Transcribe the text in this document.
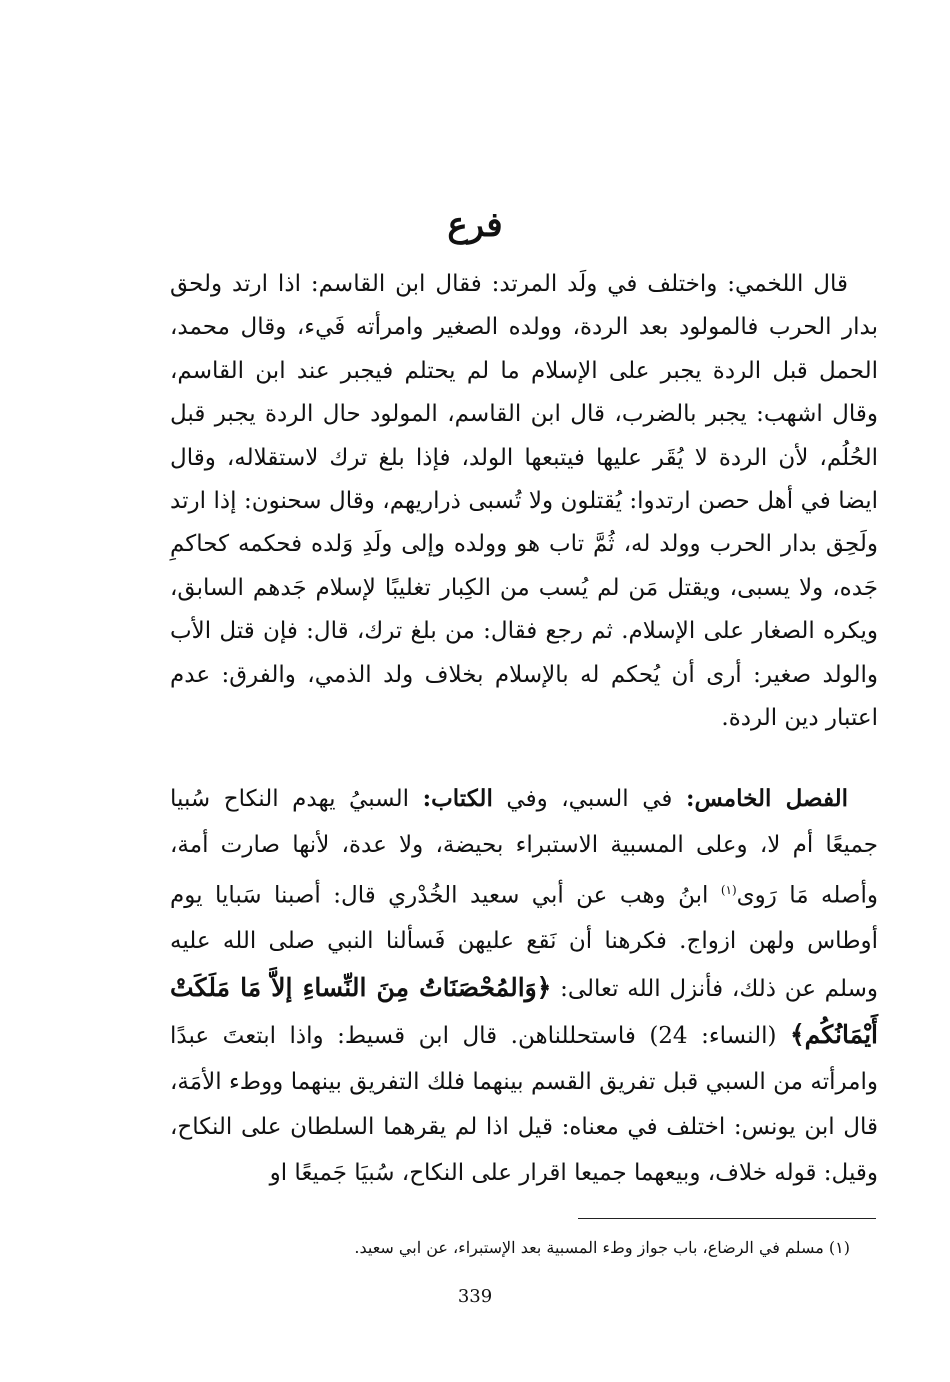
فرع

قال اللخمي: واختلف في ولَد المرتد: فقال ابن القاسم: اذا ارتد ولحق بدار الحرب فالمولود بعد الردة، وولده الصغير وامرأته فَيء، وقال محمد، الحمل قبل الردة يجبر على الإسلام ما لم يحتلم فيجبر عند ابن القاسم، وقال اشهب: يجبر بالضرب، قال ابن القاسم، المولود حال الردة يجبر قبل الحُلُم، لأن الردة لا يُقَر عليها فيتبعها الولد، فإذا بلغ ترك لاستقلاله، وقال ايضا في أهل حصن ارتدوا: يُقتلون ولا تُسبى ذراريهم، وقال سحنون: إذا ارتد ولَحِق بدار الحرب وولد له، ثُمَّ تاب هو وولده وإلى ولَدِ وَلده فحكمه كحاكمِ جَده، ولا يسبى، ويقتل مَن لم يُسب من الكِبار تغليبًا لإسلام جَدهم السابق، ويكره الصغار على الإسلام. ثم رجع فقال: من بلغ ترك، قال: فإن قتل الأب والولد صغير: أرى أن يُحكم له بالإسلام بخلاف ولد الذمي، والفرق: عدم اعتبار دين الردة.

الفصل الخامس: في السبي، وفي الكتاب: السبيُ يهدم النكاح سُبيا جميعًا أم لا، وعلى المسبية الاستبراء بحيضة، ولا عدة، لأنها صارت أمة، وأصله مَا رَوى$^{(١)}$ ابنُ وهب عن أبي سعيد الخُدْري قال: أصبنا سَبايا يوم أوطاس ولهن ازواج. فكرهنا أن نَقع عليهن فَسألنا النبي صلى الله عليه وسلم عن ذلك، فأنزل الله تعالى: ﴿وَالمُحْصَنَاتُ مِنَ النِّساءِ إلاَّ مَا مَلَكَتْ أَيْمَانُكُم﴾ (النساء: 24) فاستحللناهن. قال ابن قسيط: واذا ابتعتَ عبدًا وامرأته من السبي قبل تفريق القسم بينهما فلك التفريق بينهما ووطء الأمَة، قال ابن يونس: اختلف في معناه: قيل اذا لم يقرهما السلطان على النكاح، وقيل: قوله خلاف، وبيعهما جميعا اقرار على النكاح، سُبيَا جَميعًا او

(١) مسلم في الرضاع، باب جواز وطء المسبية بعد الإستبراء، عن ابي سعيد.
339
